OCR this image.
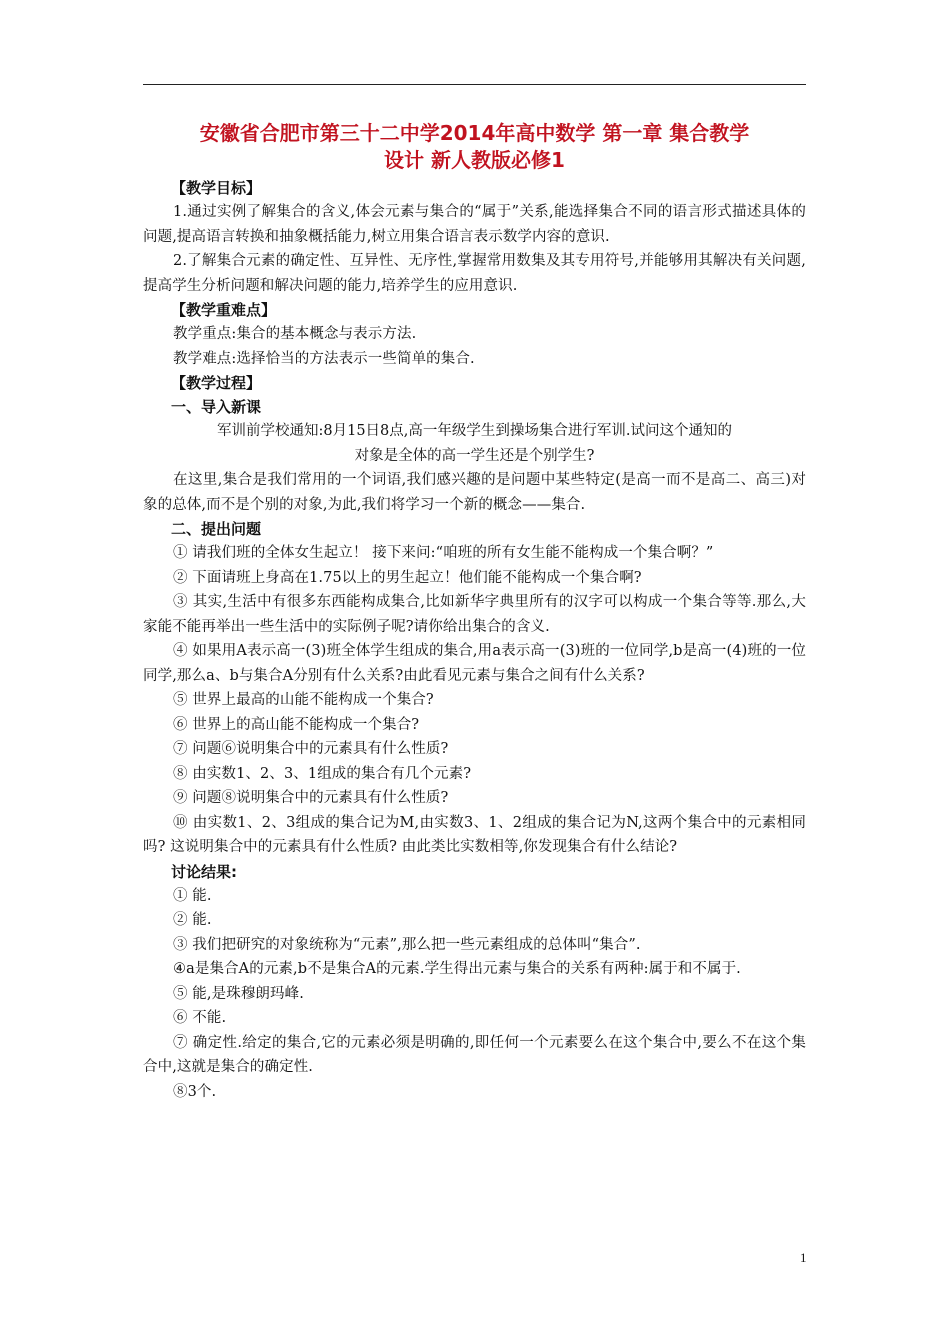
安徽省合肥市第三十二中学2014年高中数学 第一章 集合教学
设计 新人教版必修1
【教学目标】
1.通过实例了解集合的含义,体会元素与集合的“属于”关系,能选择集合不同的语言形式描述具体的问题,提高语言转换和抽象概括能力,树立用集合语言表示数学内容的意识.
2.了解集合元素的确定性、互异性、无序性,掌握常用数集及其专用符号,并能够用其解决有关问题,提高学生分析问题和解决问题的能力,培养学生的应用意识.
【教学重难点】
教学重点:集合的基本概念与表示方法.
教学难点:选择恰当的方法表示一些简单的集合.
【教学过程】
一、导入新课
军训前学校通知:8月15日8点,高一年级学生到操场集合进行军训.试问这个通知的
对象是全体的高一学生还是个别学生?
在这里,集合是我们常用的一个词语,我们感兴趣的是问题中某些特定(是高一而不是高二、高三)对象的总体,而不是个别的对象,为此,我们将学习一个新的概念——集合.
二、提出问题
① 请我们班的全体女生起立！ 接下来问:“咱班的所有女生能不能构成一个集合啊？”
② 下面请班上身高在1.75以上的男生起立！他们能不能构成一个集合啊?
③ 其实,生活中有很多东西能构成集合,比如新华字典里所有的汉字可以构成一个集合等等.那么,大家能不能再举出一些生活中的实际例子呢?请你给出集合的含义.
④ 如果用A表示高一(3)班全体学生组成的集合,用a表示高一(3)班的一位同学,b是高一(4)班的一位同学,那么a、b与集合A分别有什么关系?由此看见元素与集合之间有什么关系?
⑤ 世界上最高的山能不能构成一个集合?
⑥ 世界上的高山能不能构成一个集合?
⑦ 问题⑥说明集合中的元素具有什么性质?
⑧ 由实数1、2、3、1组成的集合有几个元素?
⑨ 问题⑧说明集合中的元素具有什么性质?
⑩ 由实数1、2、3组成的集合记为M,由实数3、1、2组成的集合记为N,这两个集合中的元素相同吗? 这说明集合中的元素具有什么性质? 由此类比实数相等,你发现集合有什么结论?
讨论结果:
① 能.
② 能.
③ 我们把研究的对象统称为“元素”,那么把一些元素组成的总体叫“集合”.
④a是集合A的元素,b不是集合A的元素.学生得出元素与集合的关系有两种:属于和不属于.
⑤ 能,是珠穆朗玛峰.
⑥ 不能.
⑦ 确定性.给定的集合,它的元素必须是明确的,即任何一个元素要么在这个集合中,要么不在这个集合中,这就是集合的确定性.
⑧3个.
1
